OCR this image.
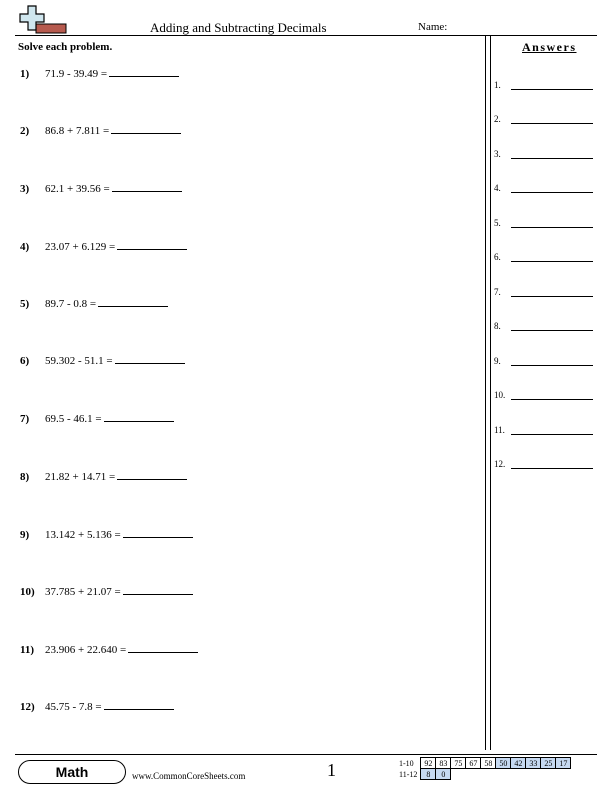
Adding and Subtracting Decimals	Name:
Solve each problem.
1) 71.9 - 39.49 =
2) 86.8 + 7.811 =
3) 62.1 + 39.56 =
4) 23.07 + 6.129 =
5) 89.7 - 0.8 =
6) 59.302 - 51.1 =
7) 69.5 - 46.1 =
8) 21.82 + 14.71 =
9) 13.142 + 5.136 =
10) 37.785 + 21.07 =
11) 23.906 + 22.640 =
12) 45.75 - 7.8 =
Answers
1.
2.
3.
4.
5.
6.
7.
8.
9.
10.
11.
12.
Math	www.CommonCoreSheets.com	1	1-10	92	83	75	67	58	50	42	33	25	17
11-12	8	0								
